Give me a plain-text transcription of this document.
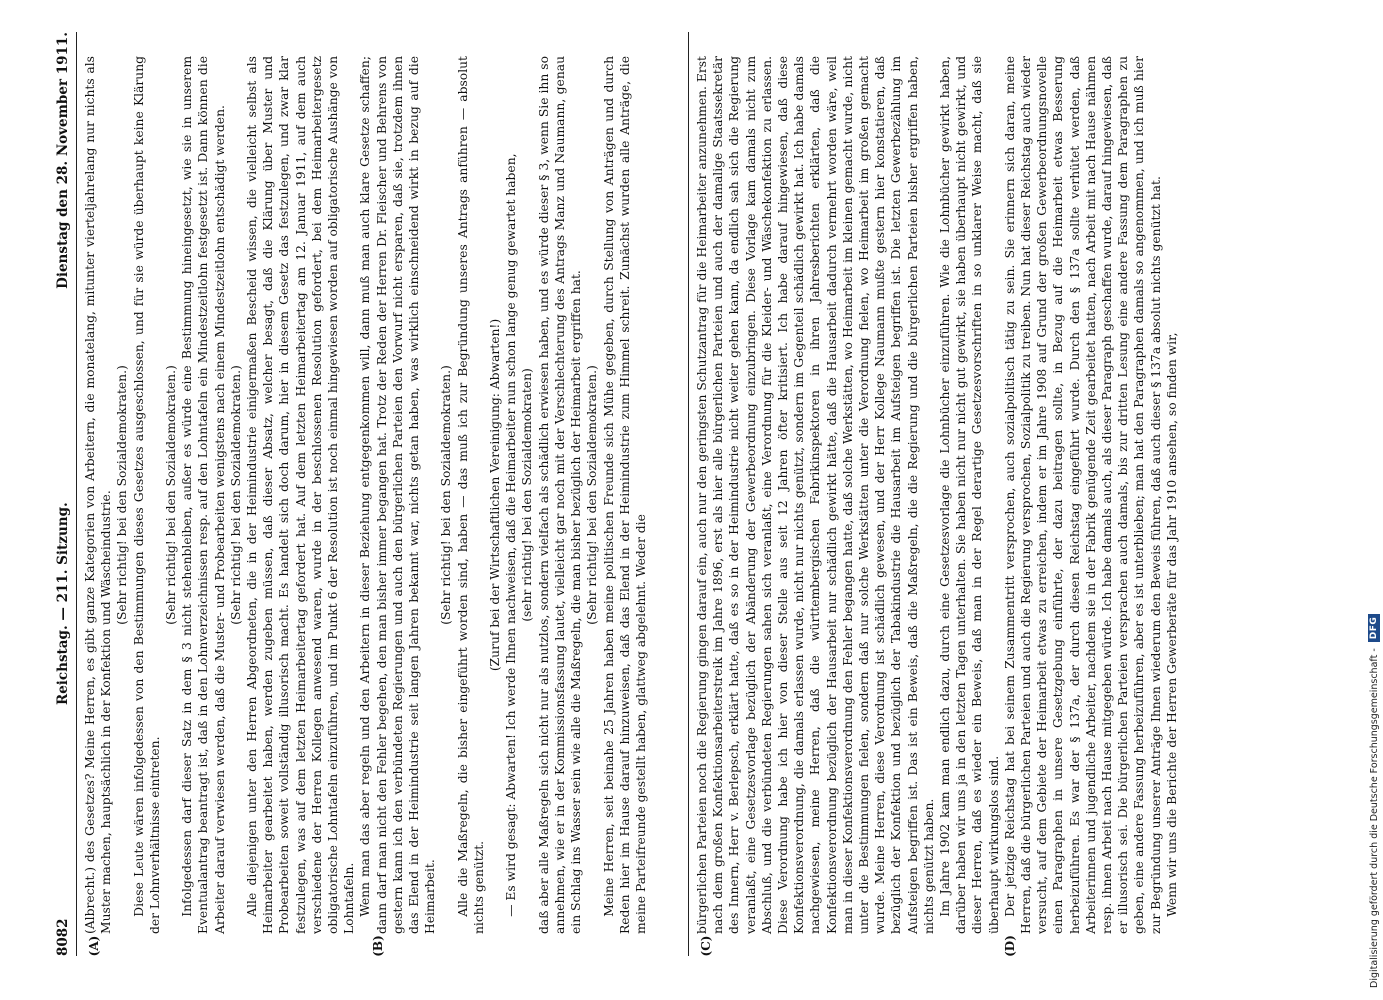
8082
Reichstag. — 211. Sitzung.
Dienstag den 28. November 1911.
(A)	(B)	(C)	(D)

(Albrecht.) des Gesetzes? Meine Herren, es gibt ganze Kategorien von Arbeitern, die monatelang, mitunter vierteljahrelang nur nichts als Muster machen, hauptsächlich in der Konfektion und Wäscheindustrie. (Sehr richtig! bei den Sozialdemokraten.) Diese Leute wären infolgedessen von den Bestimmungen dieses Gesetzes ausgeschlossen, und für sie würde überhaupt keine Klärung der Lohnverhältnisse eintreten.

(Sehr richtig! bei den Sozialdemokraten.) Infolgedessen darf dieser Satz in dem § 3 nicht stehenbleiben, außer es würde eine Bestimmung hineingesetzt, wie sie in unserem Eventualantrag beantragt ist, daß in den Lohnverzeichnissen resp. auf den Lohntafeln ein Mindestzeitlohn festgesetzt ist. Dann können die Arbeiter darauf verwiesen werden, daß die Muster- und Probearbeiten wenigstens nach einem Mindestzeitlohn entschädigt werden. (Sehr richtig! bei den Sozialdemokraten.) Alle diejenigen unter den Herren Abgeordneten, die in der Heimindustrie einigermaßen Bescheid wissen, die vielleicht selbst als Heimarbeiter gearbeitet haben, werden zugeben müssen, daß dieser Absatz, welcher besagt, daß die Klärung über Muster und Probearbeiten soweit vollständig illusorisch macht. Es handelt sich doch darum, hier in diesem Gesetz das festzulegen, und zwar klar festzulegen, was auf dem letzten Heimarbeitertag gefordert hat. Auf dem letzten Heimarbeitertag am 12. Januar 1911, auf dem auch verschiedene der Herren Kollegen anwesend waren, wurde in der beschlossenen Resolution gefordert, bei dem Heimarbeitergesetz obligatorische Lohntafeln einzuführen, und im Punkt 6 der Resolution ist noch einmal hingewiesen worden auf obligatorische Aushänge von Lohntafeln. Wenn man das aber regeln und den Arbeitern in dieser Beziehung entgegenkommen will, dann muß man auch klare Gesetze schaffen; dann darf man nicht den Fehler begehen, den man bisher immer begangen hat. Trotz der Reden der Herren Dr. Fleischer und Behrens von gestern kann ich den verbündeten Regierungen und auch den bürgerlichen Parteien den Vorwurf nicht ersparen, daß sie, trotzdem ihnen das Elend in der Heimindustrie seit langen Jahren bekannt war, nichts getan haben, was wirklich einschneidend wirkt in bezug auf die Heimarbeit.

(Sehr richtig! bei den Sozialdemokraten.) Alle die Maßregeln, die bisher eingeführt worden sind, haben — das muß ich zur Begründung unseres Antrags anführen — absolut nichts genützt.

(Zuruf bei der Wirtschaftlichen Vereinigung: Abwarten!) — Es wird gesagt: Abwarten! Ich werde Ihnen nachweisen, daß die Heimarbeiter nun schon lange genug gewartet haben, (sehr richtig! bei den Sozialdemokraten) daß aber alle Maßregeln sich nicht nur als nutzlos, sondern vielfach als schädlich erwiesen haben, und es würde dieser § 3, wenn Sie ihn so annehmen, wie er in der Kommissionsfassung lautet, vielleicht gar noch mit der Verschlechterung des Antrags Manz und Naumann, genau ein Schlag ins Wasser sein wie alle die Maßregeln, die man bisher bezüglich der Heimarbeit ergriffen hat. (Sehr richtig! bei den Sozialdemokraten.) Meine Herren, seit beinahe 25 Jahren haben meine politischen Freunde sich Mühe gegeben, durch Stellung von Anträgen und durch Reden hier im Hause darauf hinzuweisen, daß das Elend in der Heimindustrie zum Himmel schreit. Zunächst wurden alle Anträge, die meine Parteifreunde gestellt haben, glattweg abgelehnt. Weder die	bürgerlichen Parteien noch die Regierung gingen darauf ein, auch nur den geringsten Schutzantrag für die Heimarbeiter anzunehmen. Erst nach dem großen Konfektionsarbeiterstreik im Jahre 1896, erst als hier alle bürgerlichen Parteien und auch der damalige Staatssekretär des Innern, Herr v. Berlepsch, erklärt hatte, daß es so in der Heimindustrie nicht weiter gehen kann, da endlich sah sich die Regierung veranlaßt, eine Gesetzesvorlage bezüglich der Abänderung der Gewerbeordnung einzubringen. Diese Vorlage kam damals nicht zum Abschluß, und die verbündeten Regierungen sahen sich veranlaßt, eine Verordnung für die Kleider- und Wäschekonfektion zu erlassen. Diese Verordnung habe ich hier von dieser Stelle aus seit 12 Jahren öfter kritisiert. Ich habe darauf hingewiesen, daß diese Konfektionsverordnung, die damals erlassen wurde, nicht nur nichts genützt, sondern im Gegenteil schädlich gewirkt hat. Ich habe damals nachgewiesen, meine Herren, daß die württembergischen Fabrikinspektoren in ihren Jahresberichten erklärten, daß die Konfektionsverordnung bezüglich der Hausarbeit nur schädlich gewirkt hätte, daß die Hausarbeit dadurch vermehrt worden wäre, weil man in dieser Konfektionsverordnung den Fehler begangen hatte, daß solche Werkstätten, wo Heimarbeit im kleinen gemacht wurde, nicht unter die Bestimmungen fielen, sondern daß nur solche Werkstätten unter die Verordnung fielen, wo Heimarbeit im großen gemacht wurde. Meine Herren, diese Verordnung ist schädlich gewesen, und der Herr Kollege Naumann mußte gestern hier konstatieren, daß bezüglich der Konfektion und bezüglich der Tabakindustrie die Hausarbeit im Aufsteigen begriffen ist. Die letzten Gewerbezählung im Aufsteigen begriffen ist. Das ist ein Beweis, daß die Maßregeln, die die Regierung und die bürgerlichen Parteien bisher ergriffen haben, nichts genützt haben. Im Jahre 1902 kam man endlich dazu, durch eine Gesetzesvorlage die Lohnbücher einzuführen. Wie die Lohnbücher gewirkt haben, darüber haben wir uns ja in den letzten Tagen unterhalten. Sie haben nicht nur nicht gut gewirkt, sie haben überhaupt nicht gewirkt, und dieser Herren, daß es wieder ein Beweis, daß man in der Regel derartige Gesetzesvorschriften in so unklarer Weise macht, daß sie überhaupt wirkungslos sind. Der jetzige Reichstag hat bei seinem Zusammentritt versprochen, auch sozialpolitisch tätig zu sein. Sie erinnern sich daran, meine Herren, daß die bürgerlichen Parteien und auch die Regierung versprochen, Sozialpolitik zu treiben. Nun hat dieser Reichstag auch wieder versucht, auf dem Gebiete der Heimarbeit etwas zu erreichen, indem er im Jahre 1908 auf Grund der großen Gewerbeordnungsnovelle einen Paragraphen in unsere Gesetzgebung einführte, der dazu beitragen sollte, in Bezug auf die Heimarbeit etwas Besserung herbeizuführen. Es war der § 137a, der durch diesen Reichstag eingeführt wurde. Durch den § 137a sollte verhütet werden, daß Arbeiterinnen und jugendliche Arbeiter, nachdem sie in der Fabrik genügende Zeit gearbeitet hatten, nach Arbeit mit nach Hause nähmen resp. ihnen Arbeit nach Hause mitgegeben würde. Ich habe damals auch, als dieser Paragraph geschaffen wurde, darauf hingewiesen, daß er illusorisch sei. Die bürgerlichen Parteien versprachen auch damals, bis zur dritten Lesung eine andere Fassung dem Paragraphen zu geben, eine andere Fassung herbeizuführen, aber es ist unterblieben; man hat den Paragraphen damals so angenommen, und ich muß hier zur Begründung unserer Anträge Ihnen wiederum den Beweis führen, daß auch dieser § 137a absolut nichts genützt hat. Wenn wir uns die Berichte der Herren Gewerberäte für das Jahr 1910 ansehen, so finden wir,	Digitalisierung gefördert durch die Deutsche Forschungsgemeinschaft -
DFG
